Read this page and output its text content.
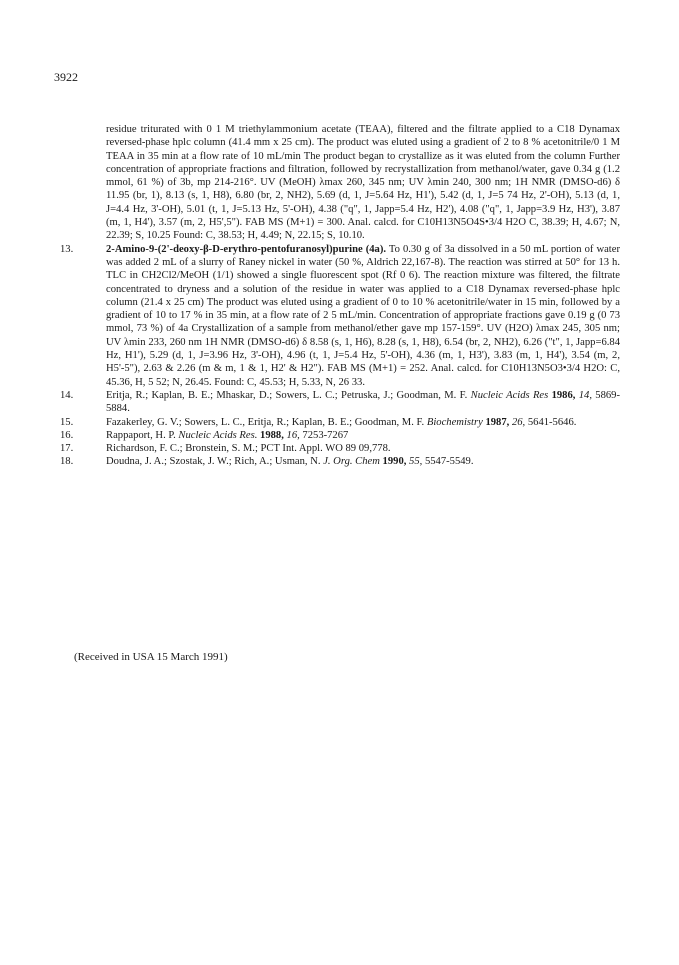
3922

residue triturated with 0 1 M triethylammonium acetate (TEAA), filtered and the filtrate applied to a C18 Dynamax reversed-phase hplc column (41.4 mm x 25 cm). The product was eluted using a gradient of 2 to 8 % acetonitrile/0 1 M TEAA in 35 min at a flow rate of 10 mL/min The product began to crystallize as it was eluted from the column Further concentration of appropriate fractions and filtration, followed by recrystallization from methanol/water, gave 0.34 g (1.2 mmol, 61 %) of 3b, mp 214-216°. UV (MeOH) λmax 260, 345 nm; UV λmin 240, 300 nm; 1H NMR (DMSO-d6) δ 11.95 (br, 1), 8.13 (s, 1, H8), 6.80 (br, 2, NH2), 5.69 (d, 1, J=5.64 Hz, H1'), 5.42 (d, 1, J=5 74 Hz, 2'-OH), 5.13 (d, 1, J=4.4 Hz, 3'-OH), 5.01 (t, 1, J=5.13 Hz, 5'-OH), 4.38 ("q", 1, Japp=5.4 Hz, H2'), 4.08 ("q", 1, Japp=3.9 Hz, H3'), 3.87 (m, 1, H4'), 3.57 (m, 2, H5',5"). FAB MS (M+1) = 300. Anal. calcd. for C10H13N5O4S•3/4 H2O C, 38.39; H, 4.67; N, 22.39; S, 10.25 Found: C, 38.53; H, 4.49; N, 22.15; S, 10.10.

13.	2-Amino-9-(2'-deoxy-β-D-erythro-pentofuranosyl)purine (4a). To 0.30 g of 3a dissolved in a 50 mL portion of water was added 2 mL of a slurry of Raney nickel in water (50 %, Aldrich 22,167-8). The reaction was stirred at 50° for 13 h. TLC in CH2Cl2/MeOH (1/1) showed a single fluorescent spot (Rf 0 6). The reaction mixture was filtered, the filtrate concentrated to dryness and a solution of the residue in water was applied to a C18 Dynamax reversed-phase hplc column (21.4 x 25 cm) The product was eluted using a gradient of 0 to 10 % acetonitrile/water in 15 min, followed by a gradient of 10 to 17 % in 35 min, at a flow rate of 2 5 mL/min. Concentration of appropriate fractions gave 0.19 g (0 73 mmol, 73 %) of 4a Crystallization of a sample from methanol/ether gave mp 157-159°. UV (H2O) λmax 245, 305 nm; UV λmin 233, 260 nm 1H NMR (DMSO-d6) δ 8.58 (s, 1, H6), 8.28 (s, 1, H8), 6.54 (br, 2, NH2), 6.26 ("t", 1, Japp=6.84 Hz, H1'), 5.29 (d, 1, J=3.96 Hz, 3'-OH), 4.96 (t, 1, J=5.4 Hz, 5'-OH), 4.36 (m, 1, H3'), 3.83 (m, 1, H4'), 3.54 (m, 2, H5'-5"), 2.63 & 2.26 (m & m, 1 & 1, H2' & H2"). FAB MS (M+1) = 252. Anal. calcd. for C10H13N5O3•3/4 H2O: C, 45.36, H, 5 52; N, 26.45. Found: C, 45.53; H, 5.33, N, 26 33.
14.	Eritja, R.; Kaplan, B. E.; Mhaskar, D.; Sowers, L. C.; Petruska, J.; Goodman, M. F. Nucleic Acids Res 1986, 14, 5869-5884.
15.	Fazakerley, G. V.; Sowers, L. C., Eritja, R.; Kaplan, B. E.; Goodman, M. F. Biochemistry 1987, 26, 5641-5646.
16.	Rappaport, H. P. Nucleic Acids Res. 1988, 16, 7253-7267
17.	Richardson, F. C.; Bronstein, S. M.; PCT Int. Appl. WO 89 09,778.
18.	Doudna, J. A.; Szostak, J. W.; Rich, A.; Usman, N. J. Org. Chem 1990, 55, 5547-5549.
(Received in USA 15 March 1991)
